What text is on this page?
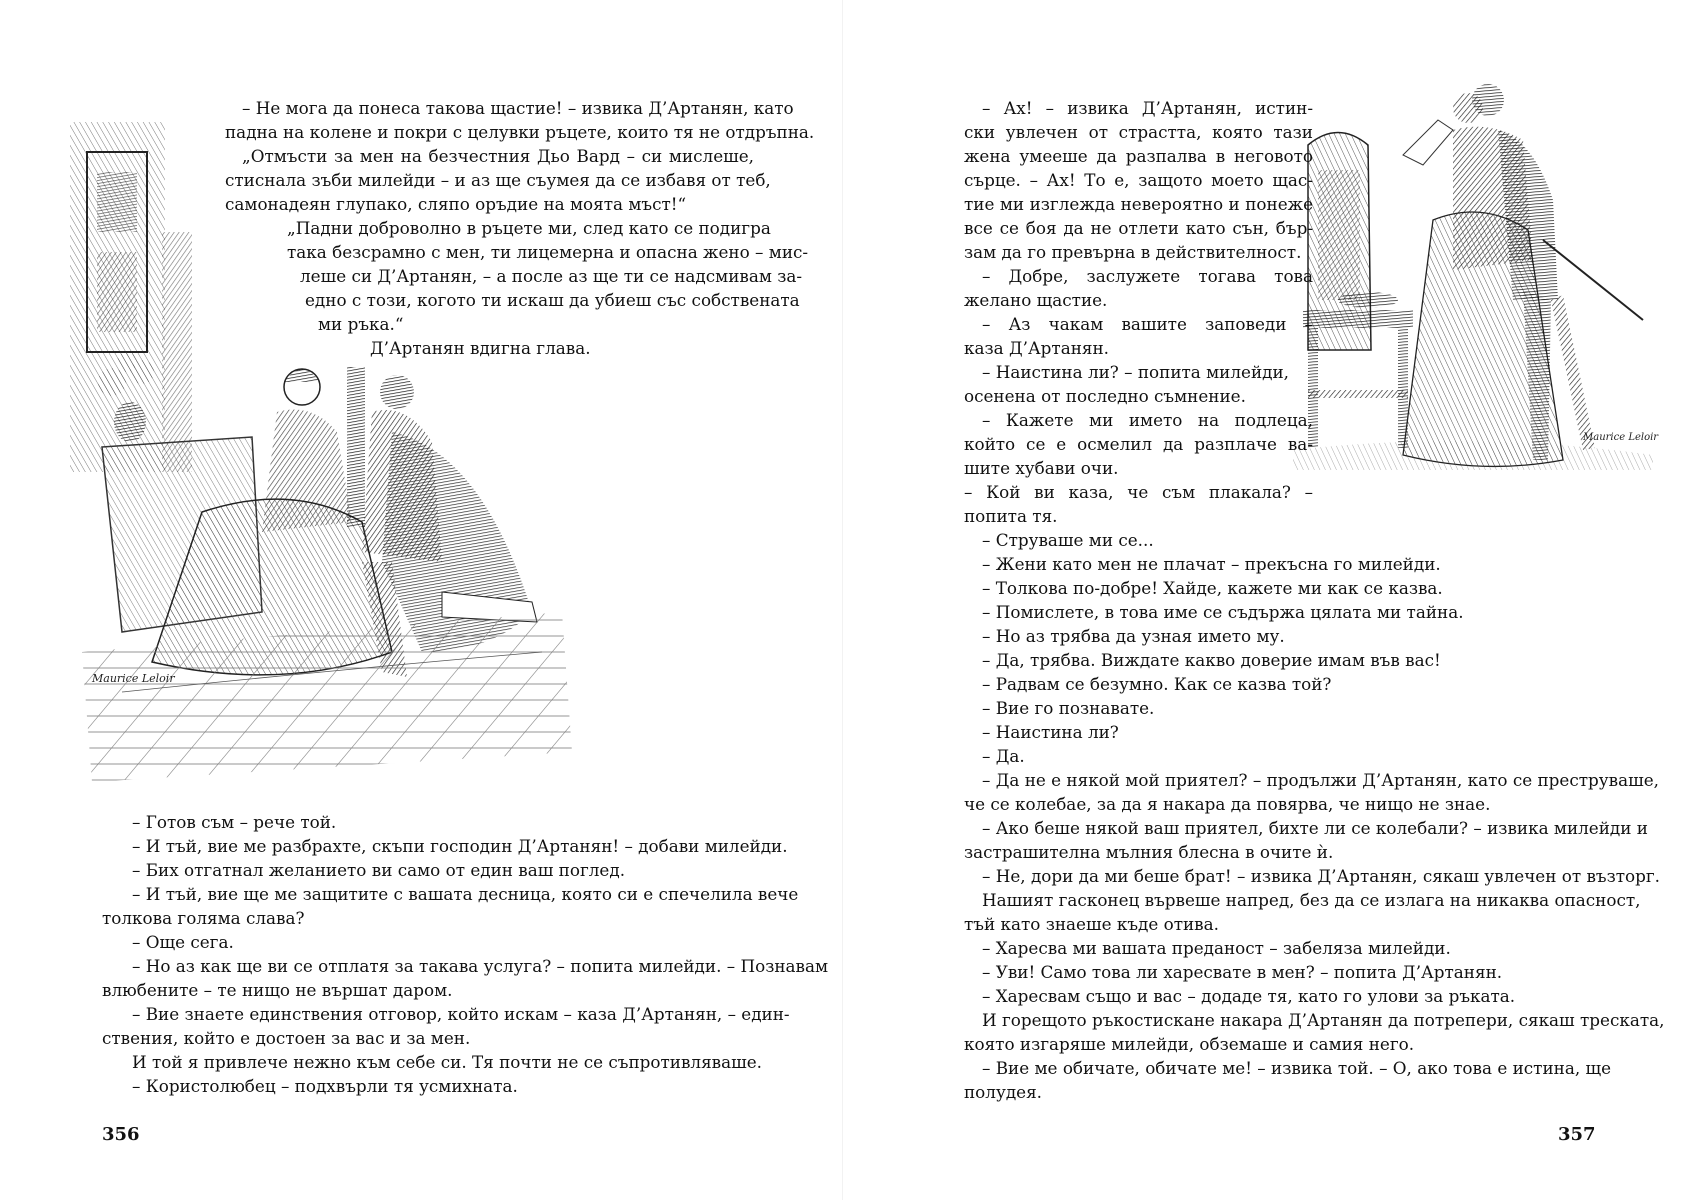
Maurice Leloir

– Не мога да понеса такова щастие! – извика Д’Артанян, като

падна на колене и покри с целувки ръцете, които тя не отдръпна.

„Отмъсти за мен на безчестния Дьо Вард – си мислеше,

стиснала зъби милейди – и аз ще съумея да се избавя от теб,

самонадеян глупако, сляпо оръдие на моята мъст!“

„Падни доброволно в ръцете ми, след като се подигра

така безсрамно с мен, ти лицемерна и опасна жено – мис-

леше си Д’Артанян, – а после аз ще ти се надсмивам за-

едно с този, когото ти искаш да убиеш със собствената

ми ръка.“

Д’Артанян вдигна глава.

– Готов съм – рече той.

– И тъй, вие ме разбрахте, скъпи господин Д’Артанян! – добави милейди.

– Бих отгатнал желанието ви само от един ваш поглед.

– И тъй, вие ще ме защитите с вашата десница, която си е спечелила вече

толкова голяма слава?

– Още сега.

– Но аз как ще ви се отплатя за такава услуга? – попита милейди. – Познавам

влюбените – те нищо не вършат даром.

– Вие знаете единствения отговор, който искам – каза Д’Артанян, – един-

ствения, който е достоен за вас и за мен.

И той я привлече нежно към себе си. Тя почти не се съпротивляваше.

– Користолюбец – подхвърли тя усмихната.

356
Maurice Leloir

– Ах! – извика Д’Артанян, истин-

ски увлечен от страстта, която тази

жена умееше да разпалва в неговото

сърце. – Ах! То е, защото моето щас-

тие ми изглежда невероятно и понеже

все се боя да не отлети като сън, бър-

зам да го превърна в действителност.

– Добре, заслужете тогава това

желано щастие.

– Аз чакам вашите заповеди –

каза Д’Артанян.

– Наистина ли? – попита милейди,

осенена от последно съмнение.

– Кажете ми името на подлеца,

който се е осмелил да разплаче ва-

шите хубави очи.

– Кой ви каза, че съм плакала? –

попита тя.

– Струваше ми се...

– Жени като мен не плачат – прекъсна го милейди.

– Толкова по-добре! Хайде, кажете ми как се казва.

– Помислете, в това име се съдържа цялата ми тайна.

– Но аз трябва да узная името му.

– Да, трябва. Виждате какво доверие имам във вас!

– Радвам се безумно. Как се казва той?

– Вие го познавате.

– Наистина ли?

– Да.

– Да не е някой мой приятел? – продължи Д’Артанян, като се преструваше,

че се колебае, за да я накара да повярва, че нищо не знае.

– Ако беше някой ваш приятел, бихте ли се колебали? – извика милейди и

застрашителна мълния блесна в очите ѝ.

– Не, дори да ми беше брат! – извика Д’Артанян, сякаш увлечен от възторг.

Нашият гасконец вървеше напред, без да се излага на никаква опасност,

тъй като знаеше къде отива.

– Харесва ми вашата преданост – забеляза милейди.

– Уви! Само това ли харесвате в мен? – попита Д’Артанян.

– Харесвам също и вас – додаде тя, като го улови за ръката.

И горещото ръкостискане накара Д’Артанян да потрепери, сякаш треската,

която изгаряше милейди, обземаше и самия него.

– Вие ме обичате, обичате ме! – извика той. – О, ако това е истина, ще

полудея.

357
